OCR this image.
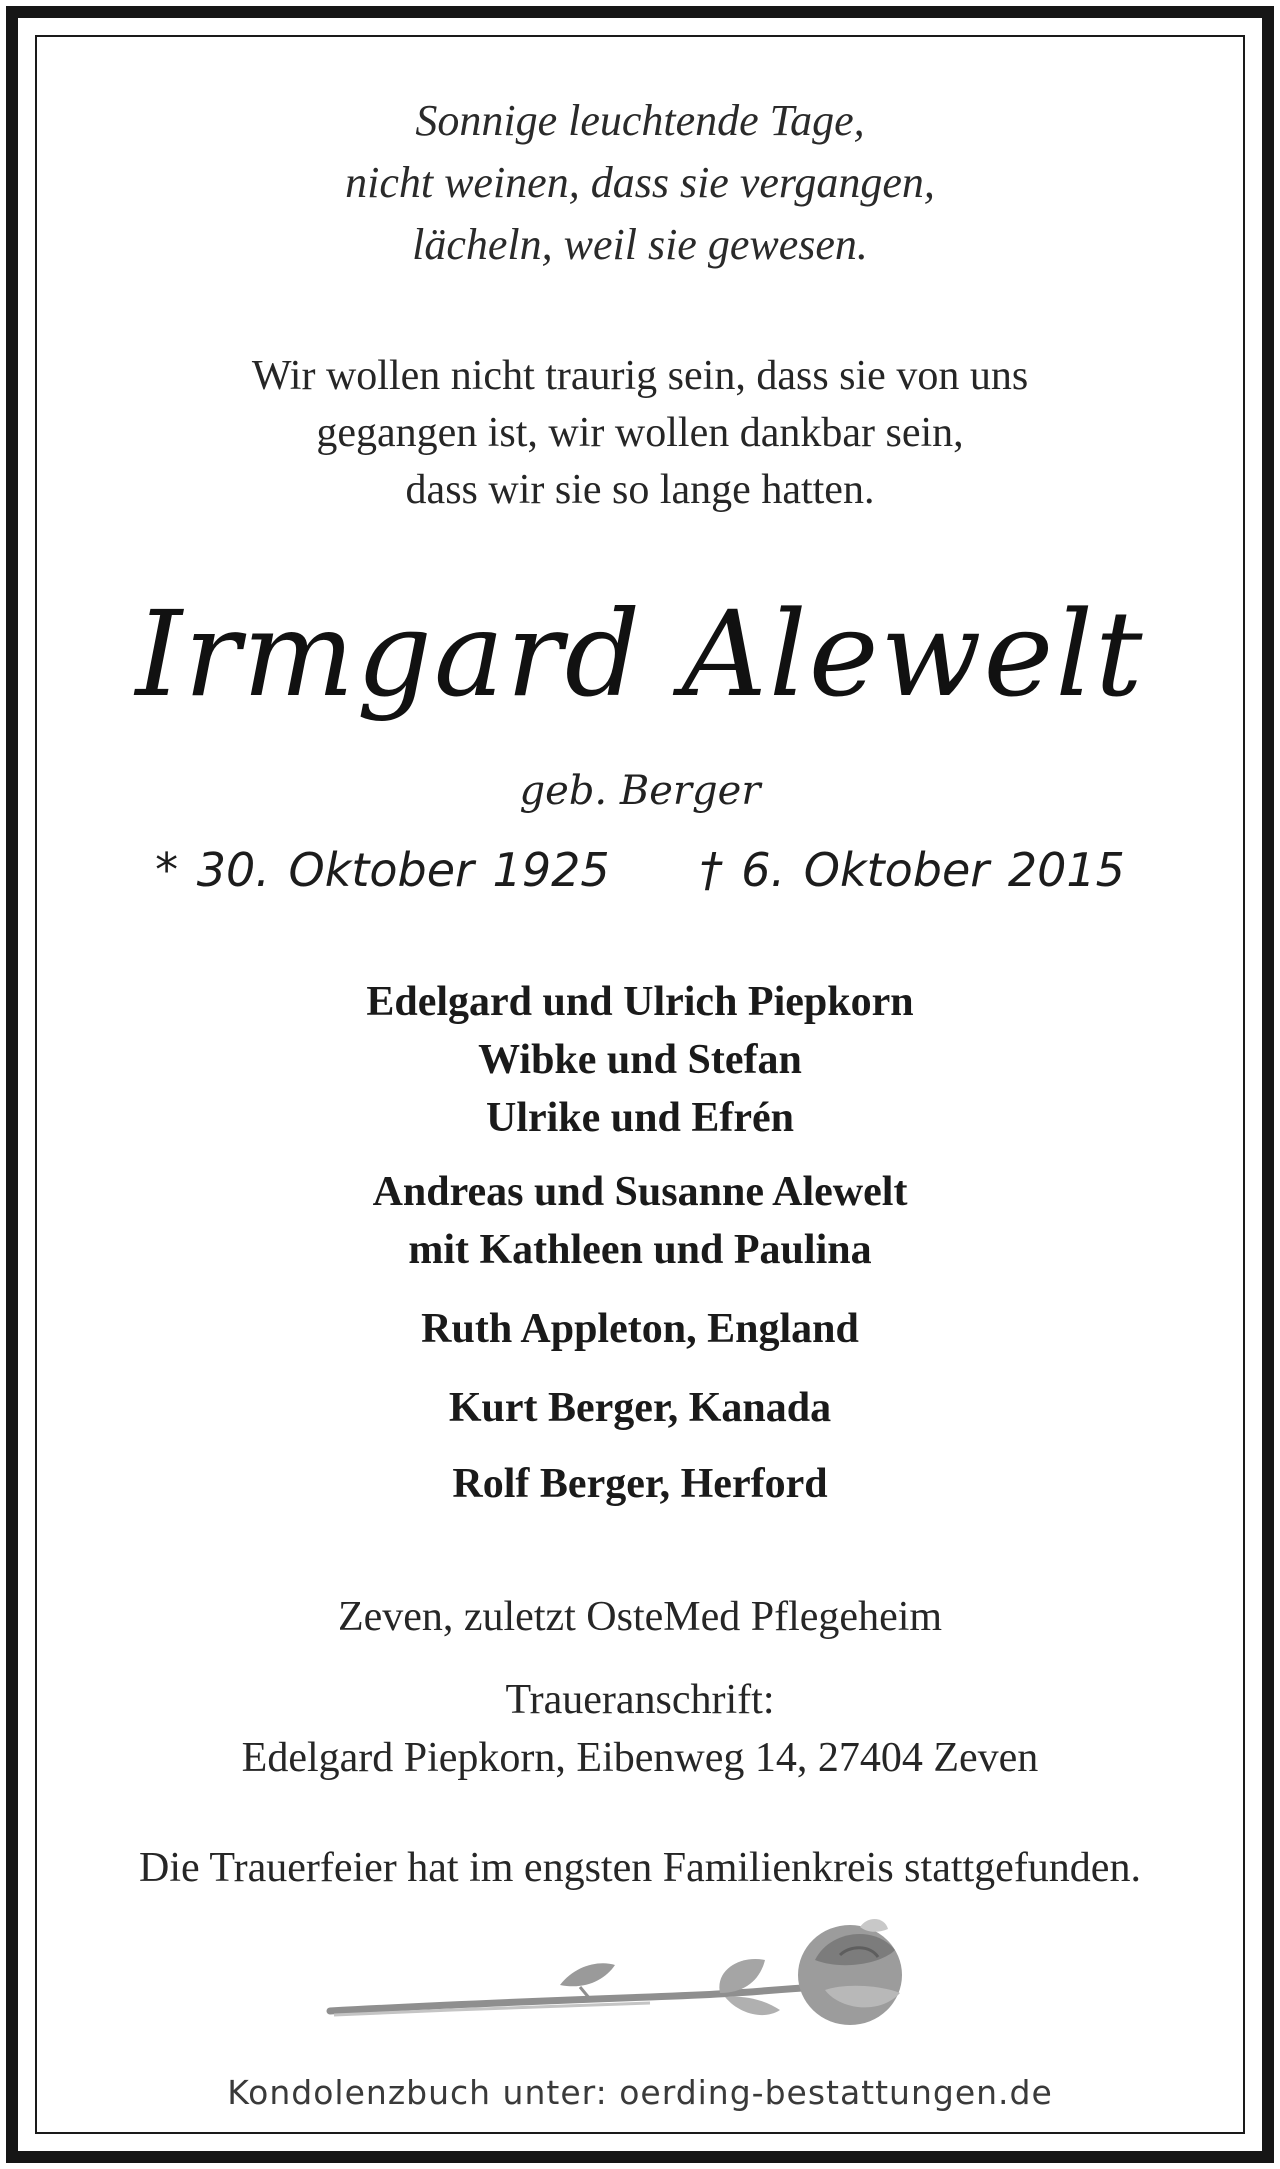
Sonnige leuchtende Tage,
nicht weinen, dass sie vergangen,
lächeln, weil sie gewesen.
Wir wollen nicht traurig sein, dass sie von uns
gegangen ist, wir wollen dankbar sein,
dass wir sie so lange hatten.
Irmgard Alewelt
geb. Berger
* 30. Oktober 1925 † 6. Oktober 2015
Edelgard und Ulrich Piepkorn
Wibke und Stefan
Ulrike und Efrén
Andreas und Susanne Alewelt
mit Kathleen und Paulina
Ruth Appleton, England
Kurt Berger, Kanada
Rolf Berger, Herford
Zeven, zuletzt OsteMed Pflegeheim
Traueranschrift:
Edelgard Piepkorn, Eibenweg 14, 27404 Zeven
Die Trauerfeier hat im engsten Familienkreis stattgefunden.
Kondolenzbuch unter: oerding-bestattungen.de
